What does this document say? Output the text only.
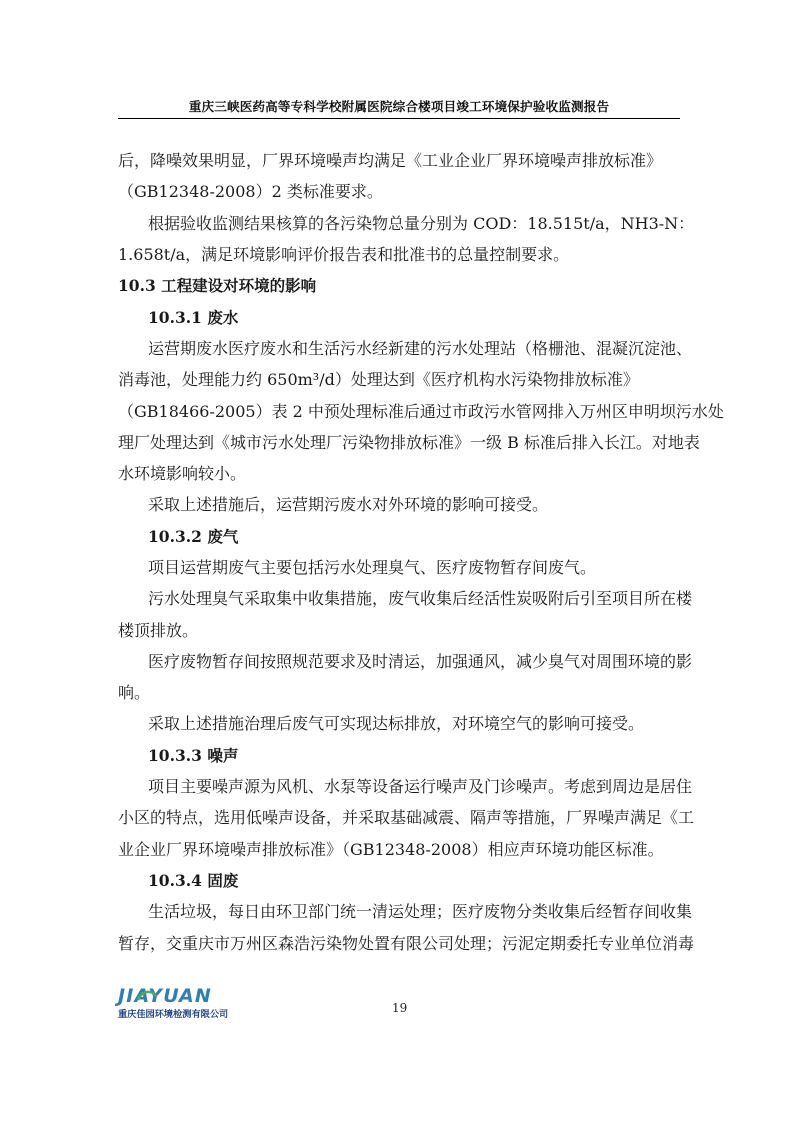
重庆三峡医药高等专科学校附属医院综合楼项目竣工环境保护验收监测报告
后，降噪效果明显，厂界环境噪声均满足《工业企业厂界环境噪声排放标准》
（GB12348-2008）2 类标准要求。
根据验收监测结果核算的各污染物总量分别为 COD：18.515t/a，NH3-N：
1.658t/a，满足环境影响评价报告表和批准书的总量控制要求。
10.3 工程建设对环境的影响
10.3.1 废水
运营期废水医疗废水和生活污水经新建的污水处理站（格栅池、混凝沉淀池、
消毒池，处理能力约 650m³/d）处理达到《医疗机构水污染物排放标准》
（GB18466-2005）表 2 中预处理标准后通过市政污水管网排入万州区申明坝污水处
理厂处理达到《城市污水处理厂污染物排放标准》一级 B 标准后排入长江。对地表
水环境影响较小。
采取上述措施后，运营期污废水对外环境的影响可接受。
10.3.2 废气
项目运营期废气主要包括污水处理臭气、医疗废物暂存间废气。
污水处理臭气采取集中收集措施，废气收集后经活性炭吸附后引至项目所在楼
楼顶排放。
医疗废物暂存间按照规范要求及时清运，加强通风，减少臭气对周围环境的影
响。
采取上述措施治理后废气可实现达标排放，对环境空气的影响可接受。
10.3.3 噪声
项目主要噪声源为风机、水泵等设备运行噪声及门诊噪声。考虑到周边是居住
小区的特点，选用低噪声设备，并采取基础减震、隔声等措施，厂界噪声满足《工
业企业厂界环境噪声排放标准》（GB12348-2008）相应声环境功能区标准。
10.3.4 固废
生活垃圾，每日由环卫部门统一清运处理；医疗废物分类收集后经暂存间收集
暂存，交重庆市万州区森浩污染物处置有限公司处理；污泥定期委托专业单位消毒
JIAYUAN
重庆佳园环境检测有限公司	19
